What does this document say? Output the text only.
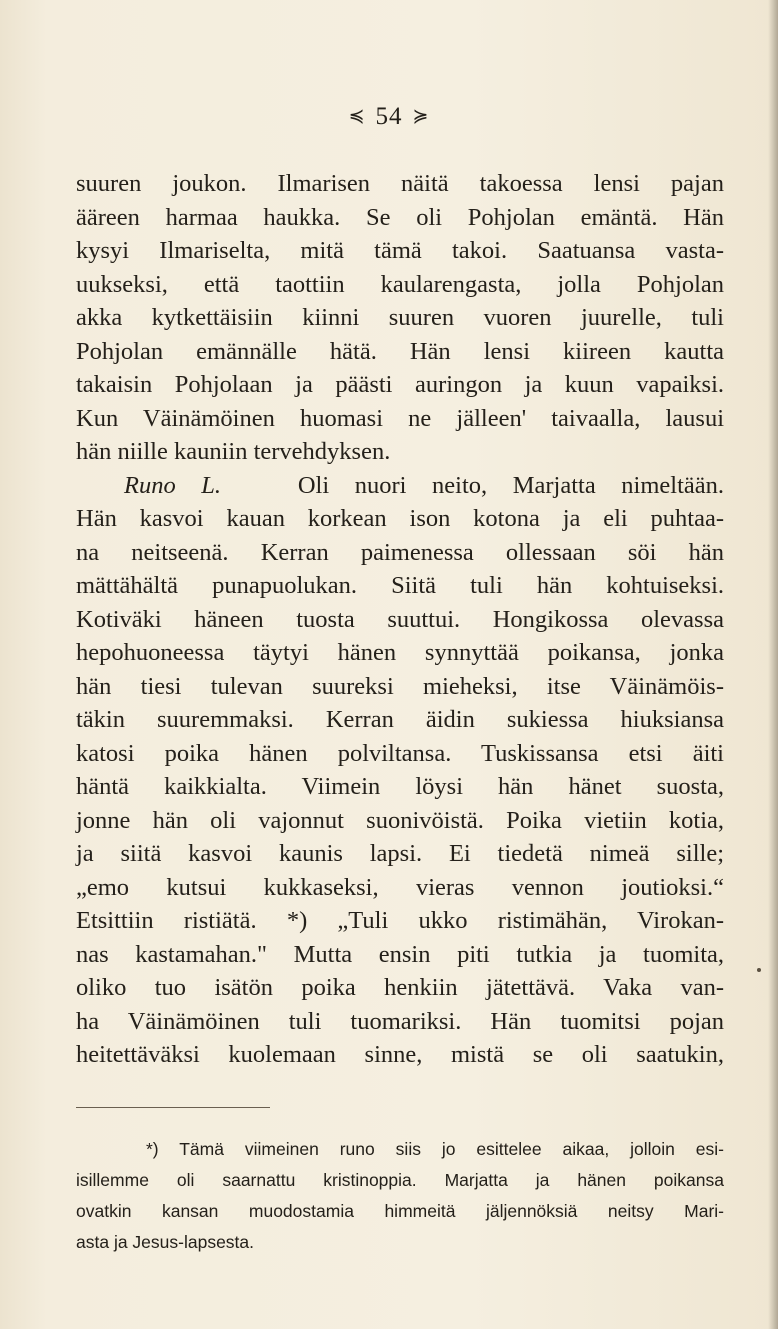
≼ 54 ≽
suuren joukon. Ilmarisen näitä takoessa lensi pajan
ääreen harmaa haukka. Se oli Pohjolan emäntä. Hän
kysyi Ilmariselta, mitä tämä takoi. Saatuansa vasta-
uukseksi, että taottiin kaularengasta, jolla Pohjolan
akka kytkettäisiin kiinni suuren vuoren juurelle, tuli
Pohjolan emännälle hätä. Hän lensi kiireen kautta
takaisin Pohjolaan ja päästi auringon ja kuun vapaiksi.
Kun Väinämöinen huomasi ne jälleen' taivaalla, lausui
hän niille kauniin tervehdyksen.
Runo L.	Oli nuori neito, Marjatta nimeltään.
Hän kasvoi kauan korkean ison kotona ja eli puhtaa-
na neitseenä. Kerran paimenessa ollessaan söi hän
mättähältä punapuolukan. Siitä tuli hän kohtuiseksi.
Kotiväki häneen tuosta suuttui. Hongikossa olevassa
hepohuoneessa täytyi hänen synnyttää poikansa, jonka
hän tiesi tulevan suureksi mieheksi, itse Väinämöis-
täkin suuremmaksi. Kerran äidin sukiessa hiuksiansa
katosi poika hänen polviltansa. Tuskissansa etsi äiti
häntä kaikkialta. Viimein löysi hän hänet suosta,
jonne hän oli vajonnut suonivöistä. Poika vietiin kotia,
ja siitä kasvoi kaunis lapsi. Ei tiedetä nimeä sille;
„emo kutsui kukkaseksi, vieras vennon joutioksi.“
Etsittiin ristiätä. *) „Tuli ukko ristimähän, Virokan-
nas kastamahan." Mutta ensin piti tutkia ja tuomita,
oliko tuo isätön poika henkiin jätettävä. Vaka van-
ha Väinämöinen tuli tuomariksi. Hän tuomitsi pojan
heitettäväksi kuolemaan sinne, mistä se oli saatukin,
*) Tämä viimeinen runo siis jo esittelee aikaa, jolloin esi-
isillemme oli saarnattu kristinoppia. Marjatta ja hänen poikansa
ovatkin kansan muodostamia himmeitä jäljennöksiä neitsy Mari-
asta ja Jesus-lapsesta.
